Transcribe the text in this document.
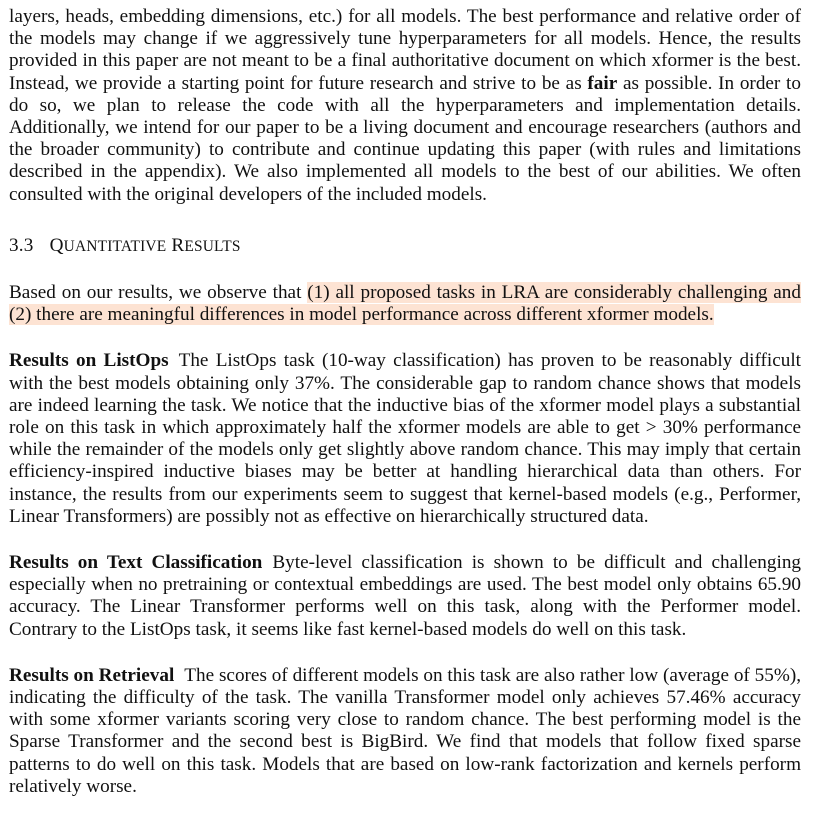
layers, heads, embedding dimensions, etc.) for all models. The best performance and relative order of the models may change if we aggressively tune hyperparameters for all models. Hence, the results provided in this paper are not meant to be a final authoritative document on which xformer is the best. Instead, we provide a starting point for future research and strive to be as fair as possible. In order to do so, we plan to release the code with all the hyperparameters and implementation details. Additionally, we intend for our paper to be a living document and encourage researchers (authors and the broader community) to contribute and continue updating this paper (with rules and limitations described in the appendix). We also implemented all models to the best of our abilities. We often consulted with the original developers of the included models.

3.3 QUANTITATIVE RESULTS

Based on our results, we observe that (1) all proposed tasks in LRA are considerably challenging and (2) there are meaningful differences in model performance across different xformer models.

Results on ListOps The ListOps task (10-way classification) has proven to be reasonably difficult with the best models obtaining only 37%. The considerable gap to random chance shows that models are indeed learning the task. We notice that the inductive bias of the xformer model plays a substantial role on this task in which approximately half the xformer models are able to get > 30% performance while the remainder of the models only get slightly above random chance. This may imply that certain efficiency-inspired inductive biases may be better at handling hierarchical data than others. For instance, the results from our experiments seem to suggest that kernel-based models (e.g., Performer, Linear Transformers) are possibly not as effective on hierarchically structured data.

Results on Text Classification Byte-level classification is shown to be difficult and challenging especially when no pretraining or contextual embeddings are used. The best model only obtains 65.90 accuracy. The Linear Transformer performs well on this task, along with the Performer model. Contrary to the ListOps task, it seems like fast kernel-based models do well on this task.

Results on Retrieval The scores of different models on this task are also rather low (average of 55%), indicating the difficulty of the task. The vanilla Transformer model only achieves 57.46% accuracy with some xformer variants scoring very close to random chance. The best performing model is the Sparse Transformer and the second best is BigBird. We find that models that follow fixed sparse patterns to do well on this task. Models that are based on low-rank factorization and kernels perform relatively worse.
